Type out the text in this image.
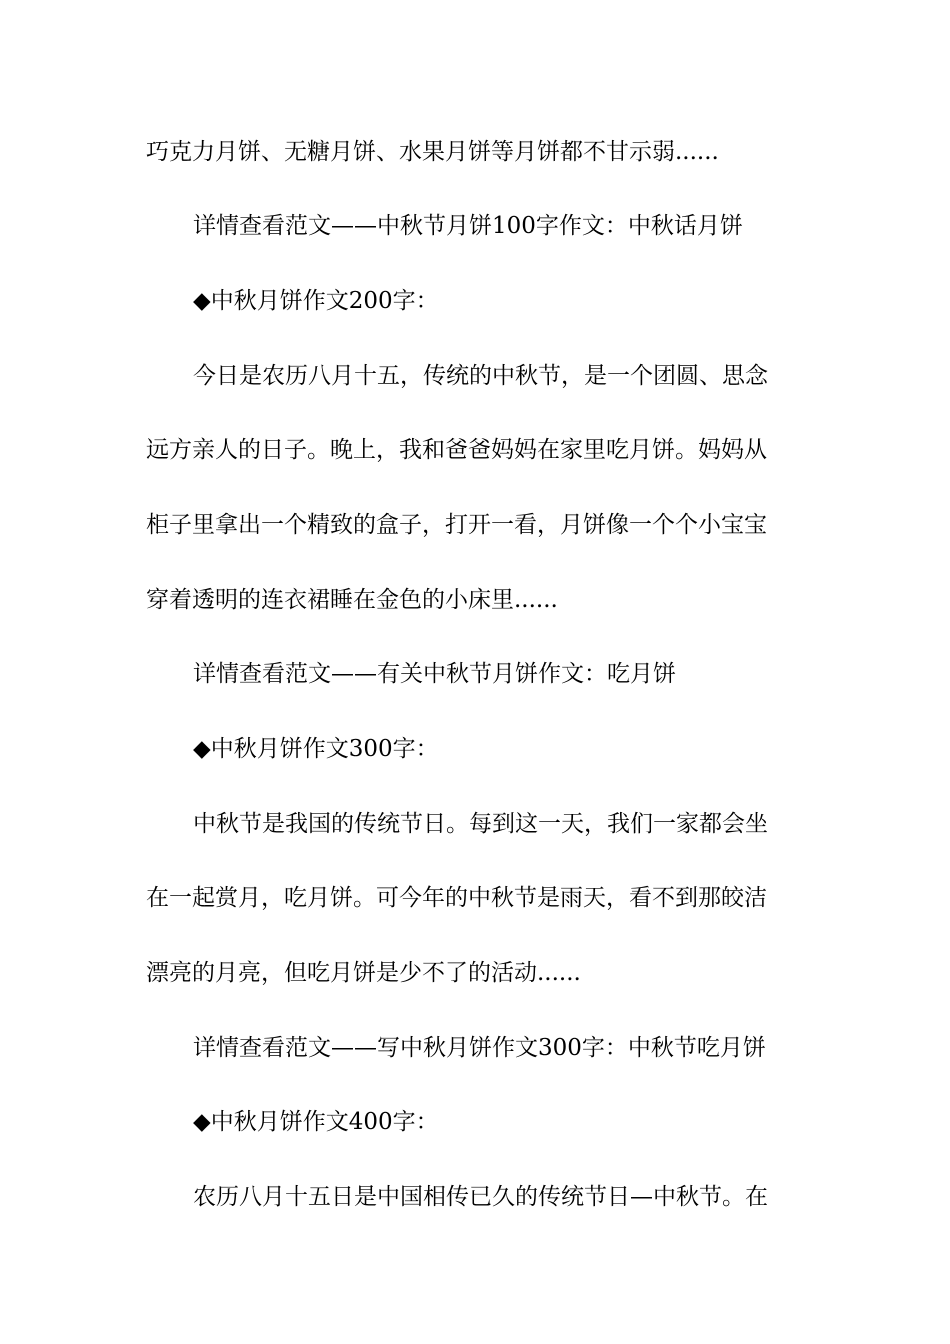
巧克力月饼、无糖月饼、水果月饼等月饼都不甘示弱......
详情查看范文——中秋节月饼100字作文：中秋话月饼
◆中秋月饼作文200字：
今日是农历八月十五，传统的中秋节，是一个团圆、思念
远方亲人的日子。晚上，我和爸爸妈妈在家里吃月饼。妈妈从
柜子里拿出一个精致的盒子，打开一看，月饼像一个个小宝宝
穿着透明的连衣裙睡在金色的小床里......
详情查看范文——有关中秋节月饼作文：吃月饼
◆中秋月饼作文300字：
中秋节是我国的传统节日。每到这一天，我们一家都会坐
在一起赏月，吃月饼。可今年的中秋节是雨天，看不到那皎洁
漂亮的月亮，但吃月饼是少不了的活动......
详情查看范文——写中秋月饼作文300字：中秋节吃月饼
◆中秋月饼作文400字：
农历八月十五日是中国相传已久的传统节日—中秋节。在
